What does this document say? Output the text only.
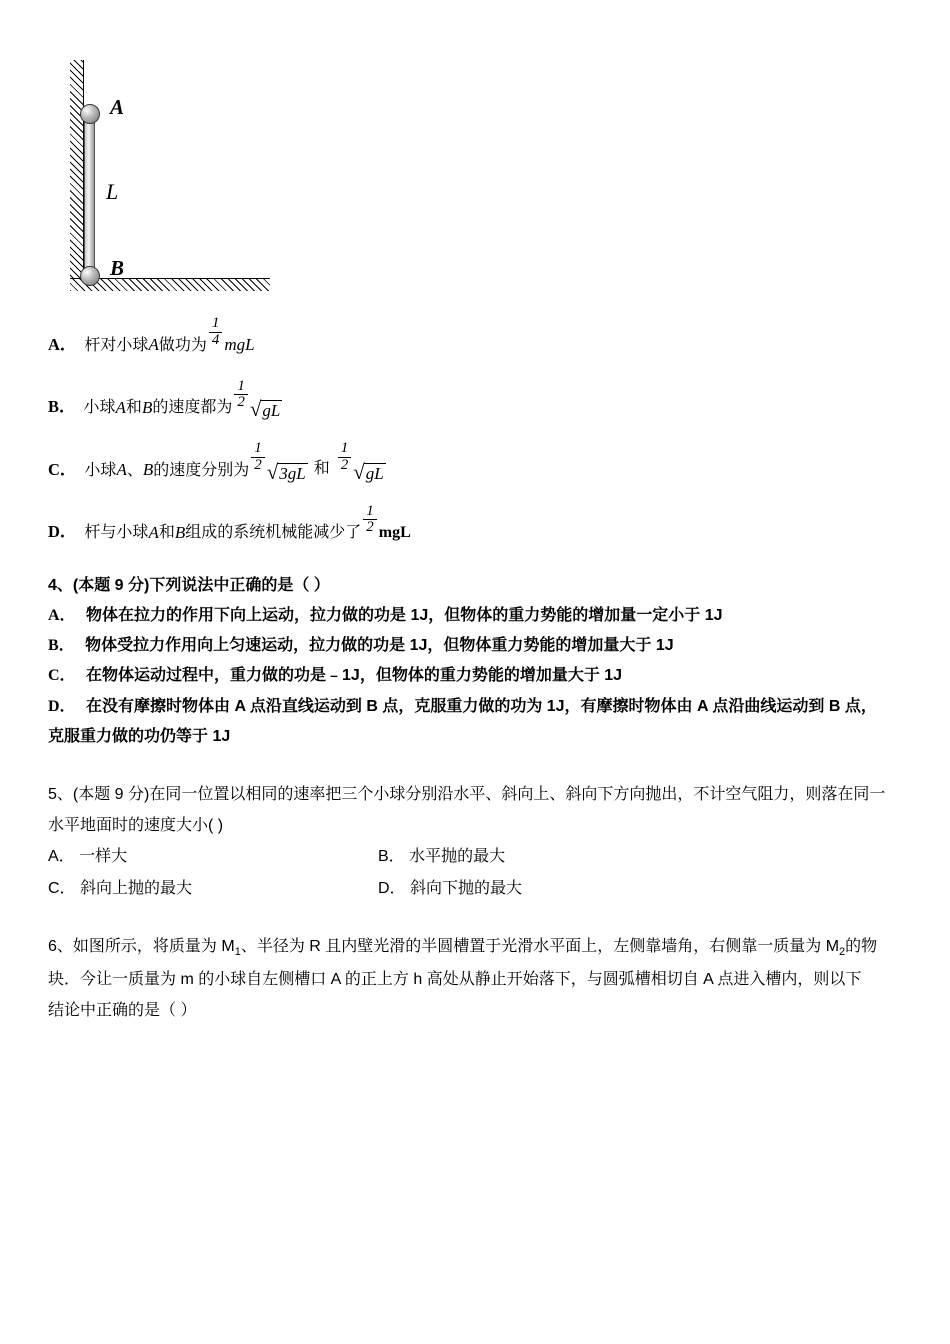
A
B
L
A． 杆对小球 A 做功为 $\frac{1}{4}$ mgL
B． 小球 A 和 B 的速度都为 $\frac{1}{2}$ √ gL
C． 小球 A 、 B 的速度分别为 $\frac{1}{2}$ √ 3gL 和 $\frac{1}{2}$ √ gL
D． 杆与小球 A 和 B 组成的系统机械能减少了 $\frac{1}{2}$ mgL
4、(本题 9 分)下列说法中正确的是（ ）
A． 物体在拉力的作用下向上运动，拉力做的功是 1J，但物体的重力势能的增加量一定小于 1J
B． 物体受拉力作用向上匀速运动，拉力做的功是 1J，但物体重力势能的增加量大于 1J
C． 在物体运动过程中，重力做的功是﹣1J，但物体的重力势能的增加量大于 1J
D． 在没有摩擦时物体由 A 点沿直线运动到 B 点，克服重力做的功为 1J，有摩擦时物体由 A 点沿曲线运动到 B 点，
克服重力做的功仍等于 1J
5、(本题 9 分)在同一位置以相同的速率把三个小球分别沿水平、斜向上、斜向下方向抛出，不计空气阻力，则落在同一
水平地面时的速度大小( )
A． 一样大	B． 水平抛的最大
C． 斜向上抛的最大	D． 斜向下抛的最大
6、如图所示，将质量为 $M_1$、半径为 R 且内壁光滑的半圆槽置于光滑水平面上，左侧靠墙角，右侧靠一质量为 $M_2$的物
块．今让一质量为 m 的小球自左侧槽口 A 的正上方 h 高处从静止开始落下，与圆弧槽相切自 A 点进入槽内，则以下
结论中正确的是（ ）
